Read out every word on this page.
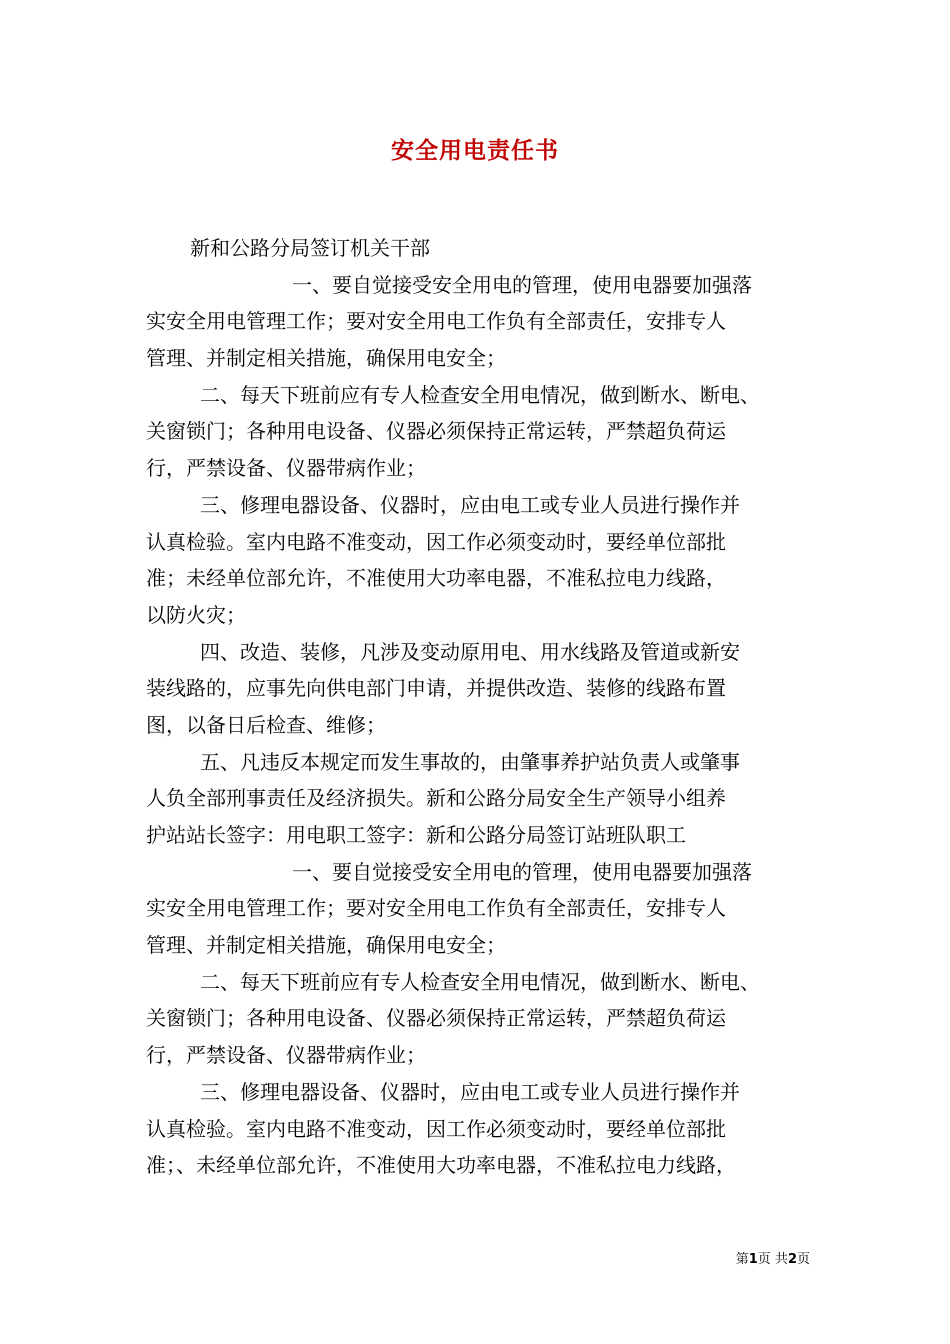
安全用电责任书
新和公路分局签订机关干部
一、要自觉接受安全用电的管理，使用电器要加强落
实安全用电管理工作；要对安全用电工作负有全部责任，安排专人
管理、并制定相关措施，确保用电安全；
二、每天下班前应有专人检查安全用电情况，做到断水、断电、
关窗锁门；各种用电设备、仪器必须保持正常运转，严禁超负荷运
行，严禁设备、仪器带病作业；
三、修理电器设备、仪器时，应由电工或专业人员进行操作并
认真检验。室内电路不准变动，因工作必须变动时，要经单位部批
准；未经单位部允许，不准使用大功率电器，不准私拉电力线路，
以防火灾；
四、改造、装修，凡涉及变动原用电、用水线路及管道或新安
装线路的，应事先向供电部门申请，并提供改造、装修的线路布置
图，以备日后检查、维修；
五、凡违反本规定而发生事故的，由肇事养护站负责人或肇事
人负全部刑事责任及经济损失。新和公路分局安全生产领导小组养
护站站长签字：用电职工签字：新和公路分局签订站班队职工
一、要自觉接受安全用电的管理，使用电器要加强落
实安全用电管理工作；要对安全用电工作负有全部责任，安排专人
管理、并制定相关措施，确保用电安全；
二、每天下班前应有专人检查安全用电情况，做到断水、断电、
关窗锁门；各种用电设备、仪器必须保持正常运转，严禁超负荷运
行，严禁设备、仪器带病作业；
三、修理电器设备、仪器时，应由电工或专业人员进行操作并
认真检验。室内电路不准变动，因工作必须变动时，要经单位部批
准；、未经单位部允许，不准使用大功率电器，不准私拉电力线路，
第1页 共2页
